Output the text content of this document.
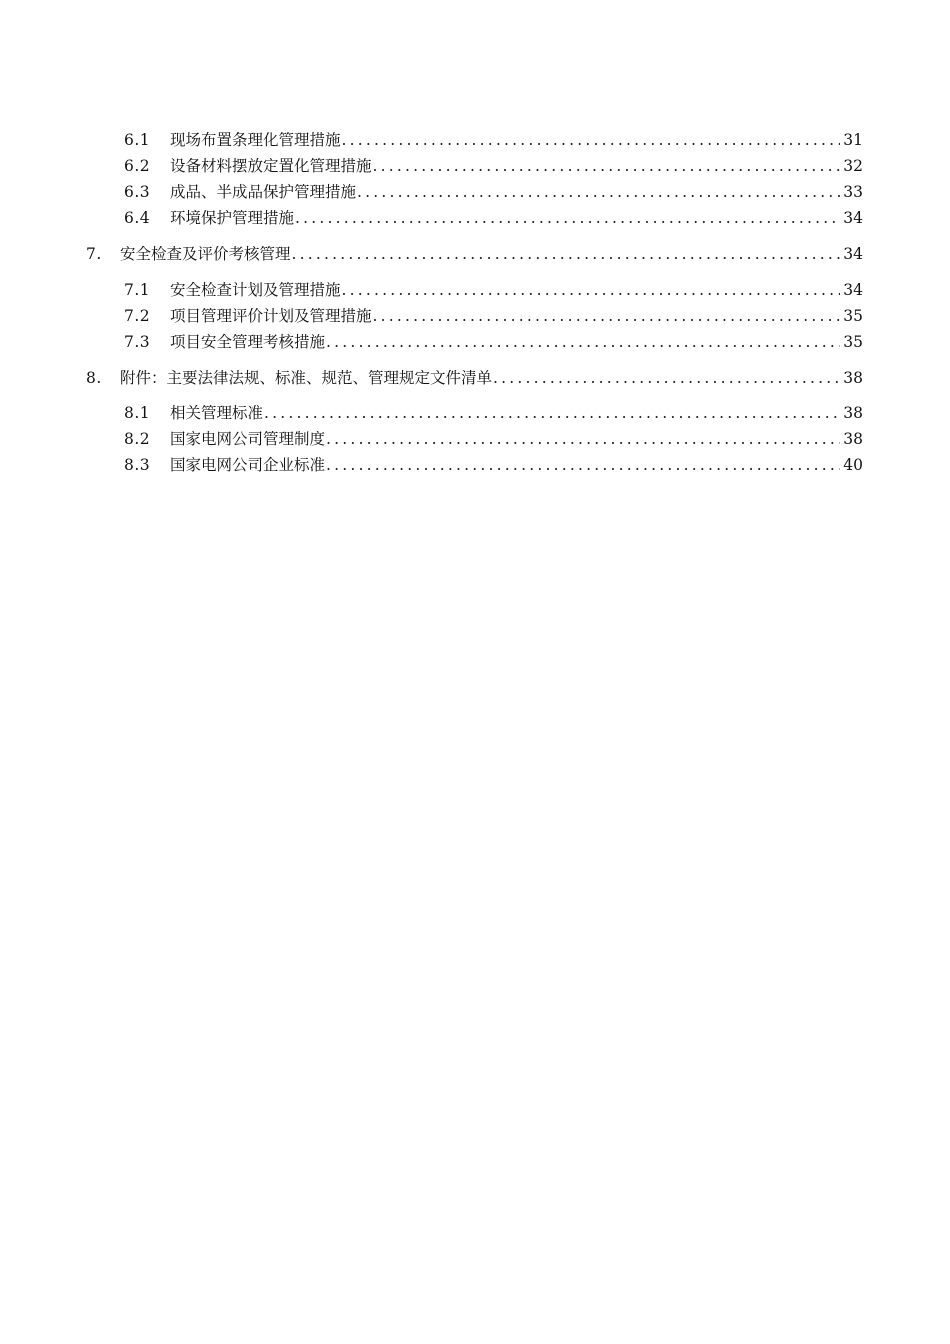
6.1	现场布置条理化管理措施 .....	31
6.2	设备材料摆放定置化管理措施 .....	32
6.3	成品、半成品保护管理措施 .....	33
6.4	环境保护管理措施 .....	34
7.	安全检查及评价考核管理 .....	34
7.1	安全检查计划及管理措施 .....	34
7.2	项目管理评价计划及管理措施 .....	35
7.3	项目安全管理考核措施 .....	35
8.	附件：主要法律法规、标准、规范、管理规定文件清单 .....	38
8.1	相关管理标准 .....	38
8.2	国家电网公司管理制度 .....	38
8.3	国家电网公司企业标准 .....	40
